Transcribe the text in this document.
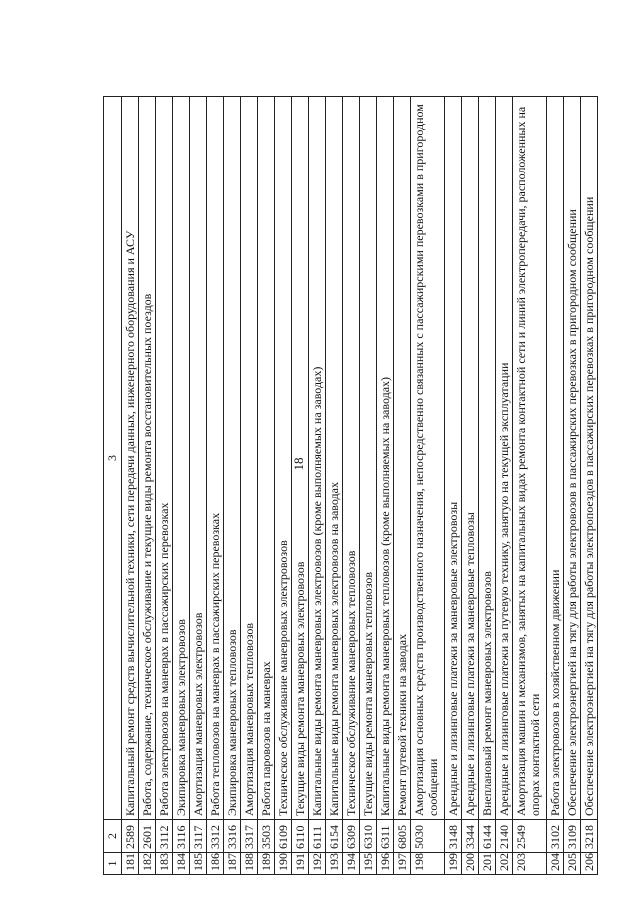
18
1	2	3
181	2589	Капитальный ремонт средств вычислительной техники, сети передачи данных, инженерного оборудования и АСУ
182	2601	Работа, содержание, техническое обслуживание и текущие виды ремонта восстановительных поездов
183	3112	Работа электровозов на маневрах в пассажирских перевозках
184	3116	Экипировка маневровых электровозов
185	3117	Амортизация маневровых электровозов
186	3312	Работа тепловозов на маневрах в пассажирских перевозках
187	3316	Экипировка маневровых тепловозов
188	3317	Амортизация маневровых тепловозов
189	3503	Работа паровозов на маневрах
190	6109	Техническое обслуживание маневровых электровозов
191	6110	Текущие виды ремонта маневровых электровозов
192	6111	Капитальные виды ремонта маневровых электровозов (кроме выполняемых на заводах)
193	6154	Капитальные виды ремонта маневровых электровозов на заводах
194	6309	Техническое обслуживание маневровых тепловозов
195	6310	Текущие виды ремонта маневровых тепловозов
196	6311	Капитальные виды ремонта маневровых тепловозов (кроме выполняемых на заводах)
197	6805	Ремонт путевой техники на заводах
198	5030	Амортизация основных средств производственного назначения, непосредственно связанных с пассажирскими перевозками в пригородном сообщении
199	3148	Арендные и лизинговые платежи за маневровые электровозы
200	3344	Арендные и лизинговые платежи за маневровые тепловозы
201	6144	Внеплановый ремонт маневровых электровозов
202	2140	Арендные и лизинговые платежи за путевую технику, занятую на текущей эксплуатации
203	2549	Амортизация машин и механизмов, занятых на капитальных видах ремонта контактной сети и линий электропередачи, расположенных на опорах контактной сети
204	3102	Работа электровозов в хозяйственном движении
205	3109	Обеспечение электроэнергией на тягу для работы электровозов в пассажирских перевозках в пригородном сообщении
206	3218	Обеспечение электроэнергией на тягу для работы электропоездов в пассажирских перевозках в пригородном сообщении
